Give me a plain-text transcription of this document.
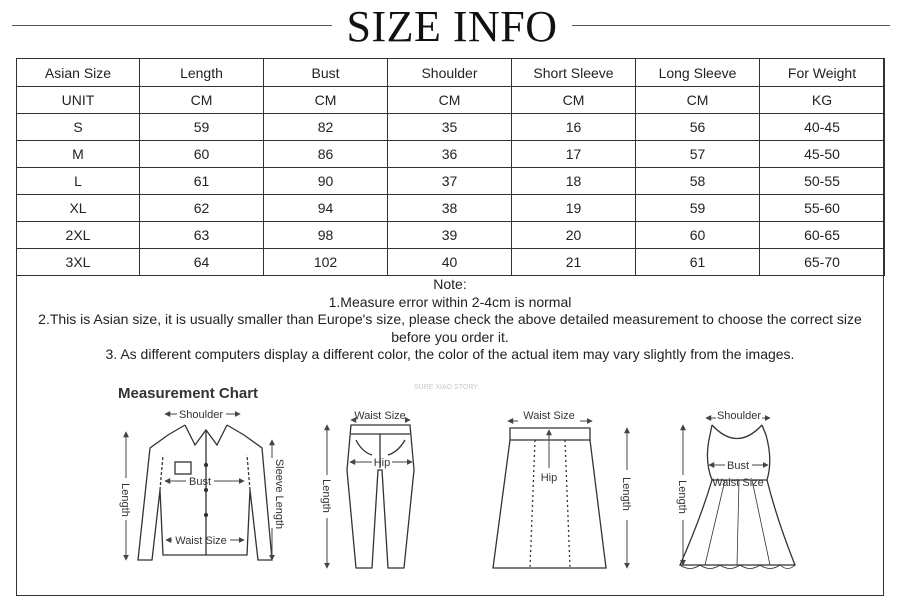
SIZE INFO
Asian Size	Length	Bust	Shoulder	Short Sleeve	Long Sleeve	For Weight
UNIT	CM	CM	CM	CM	CM	KG
S	59	82	35	16	56	40-45
M	60	86	36	17	57	45-50
L	61	90	37	18	58	50-55
XL	62	94	38	19	59	55-60
2XL	63	98	39	20	60	60-65
3XL	64	102	40	21	61	65-70
Note:
1.Measure error within 2-4cm is normal
2.This is Asian size, it is usually smaller than Europe's size, please check the above detailed measurement to choose the correct size before you order it.
3. As different computers display a different color, the color of the actual item may vary slightly from the images.
Measurement Chart	SURE XIAO STORY
Shoulder
Bust
Waist Size
Length	Sleeve Length
Waist Size
Hip
Length
Waist Size
Hip	Length
Shoulder
Bust
Waist Size
Length
